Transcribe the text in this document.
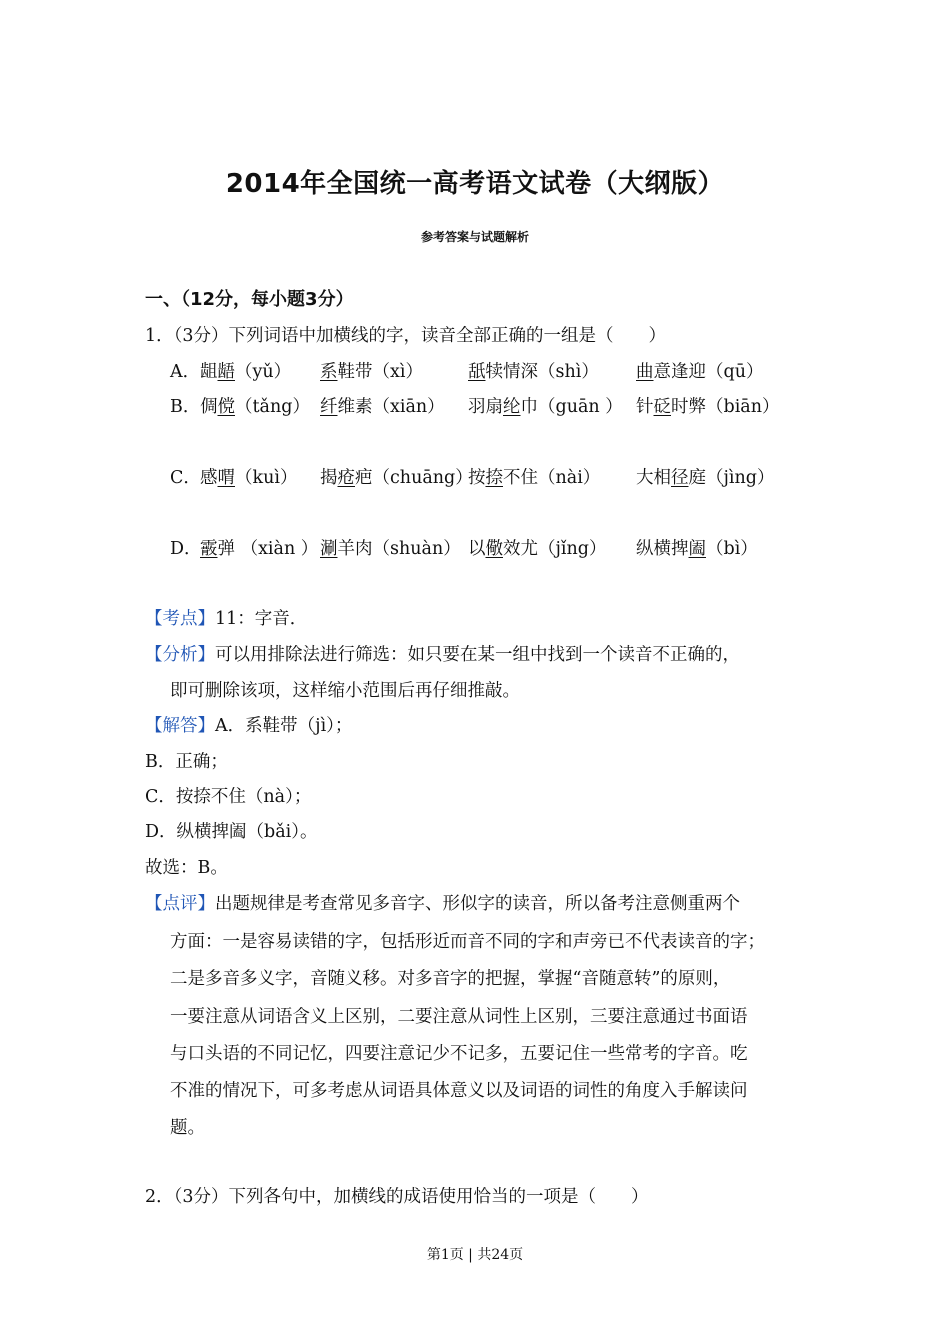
2014年全国统一高考语文试卷（大纲版）
参考答案与试题解析
一、（12分，每小题3分）
1．（3分）下列词语中加横线的字，读音全部正确的一组是（　　）
A． 龃龉（yǔ） 系鞋带（xì）	舐犊情深（shì） 曲意逢迎（qū）
B． 倜傥（tǎng） 纤维素（xiān） 羽扇纶巾（guān ） 针砭时弊（biān）
C． 感喟（kuì） 揭疮疤（chuāng）
按捺不住（nài） 大相径庭（jìng）
D．
霰弹 （xiàn ） 涮羊肉（shuàn） 以儆效尤（jǐng） 纵横捭阖（bì）
【考点】11：字音．
【分析】可以用排除法进行筛选：如只要在某一组中找到一个读音不正确的，
即可删除该项，这样缩小范围后再仔细推敲。
【解答】A．系鞋带（jì）；
B．正确；
C．按捺不住（nà）；
D．纵横捭阖（bǎi）。
故选：B。
【点评】出题规律是考查常见多音字、形似字的读音，所以备考注意侧重两个
方面：一是容易读错的字，包括形近而音不同的字和声旁已不代表读音的字；
二是多音多义字，音随义移。对多音字的把握，掌握“音随意转”的原则，
一要注意从词语含义上区别，二要注意从词性上区别，三要注意通过书面语
与口头语的不同记忆，四要注意记少不记多，五要记住一些常考的字音。吃
不准的情况下，可多考虑从词语具体意义以及词语的词性的角度入手解读问
题。
2．（3分）下列各句中，加横线的成语使用恰当的一项是（　　）
第1页 | 共24页
